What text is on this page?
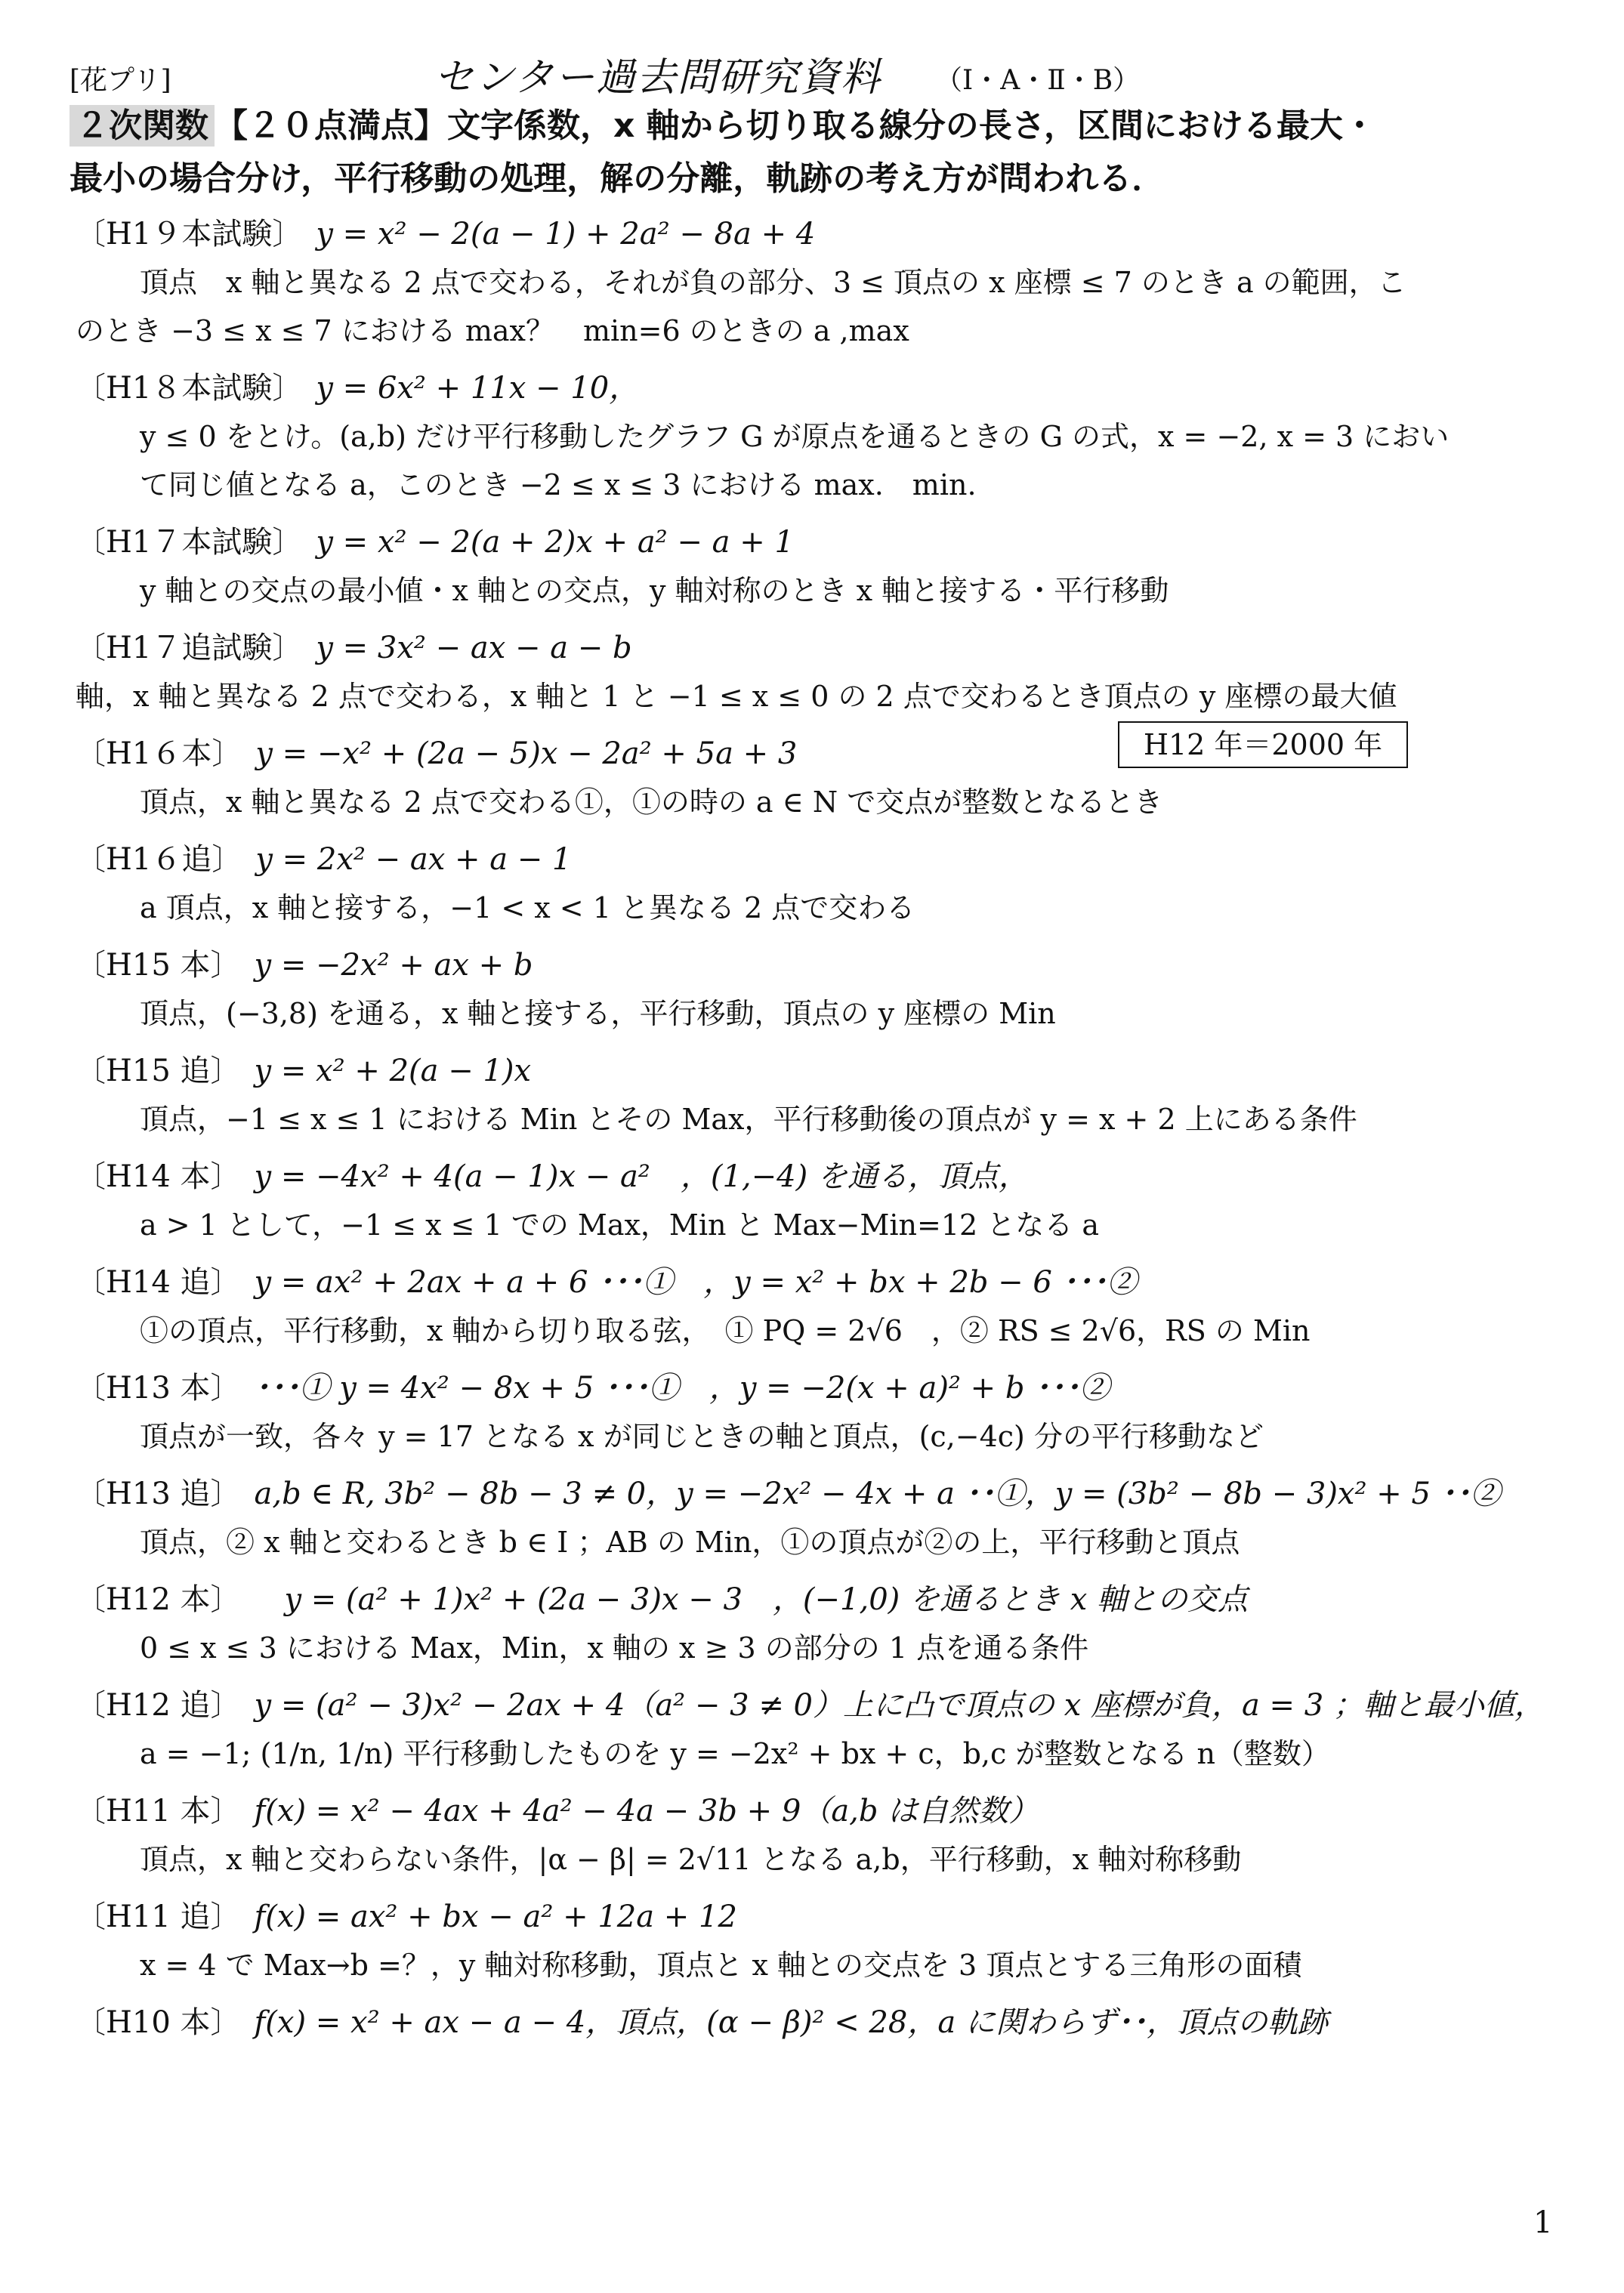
[花プリ]	センター過去問研究資料 （Ⅰ・A・Ⅱ・B）
２次関数 【２０点満点】文字係数，x 軸から切り取る線分の長さ，区間における最大・
最小の場合分け，平行移動の処理，解の分離，軌跡の考え方が問われる．
〔H1９本試験〕 y = x² − 2(a − 1) + 2a² − 8a + 4
頂点　x 軸と異なる 2 点で交わる，それが負の部分、3 ≤ 頂点の x 座標 ≤ 7 のとき a の範囲，こ
のとき −3 ≤ x ≤ 7 における max？　min=6 のときの a ,max
〔H1８本試験〕 y = 6x² + 11x − 10，
y ≤ 0 をとけ。(a,b) だけ平行移動したグラフ G が原点を通るときの G の式，x = −2, x = 3 におい
て同じ値となる a，このとき −2 ≤ x ≤ 3 における max.　min.
〔H1７本試験〕 y = x² − 2(a + 2)x + a² − a + 1
y 軸との交点の最小値・x 軸との交点，y 軸対称のとき x 軸と接する・平行移動
〔H1７追試験〕 y = 3x² − ax − a − b
軸，x 軸と異なる 2 点で交わる，x 軸と 1 と −1 ≤ x ≤ 0 の 2 点で交わるとき頂点の y 座標の最大値
〔H1６本〕 y = −x² + (2a − 5)x − 2a² + 5a + 3
頂点，x 軸と異なる 2 点で交わる①，①の時の a ∈ N で交点が整数となるとき
〔H1６追〕 y = 2x² − ax + a − 1
a 頂点，x 軸と接する，−1 < x < 1 と異なる 2 点で交わる
〔H15 本〕 y = −2x² + ax + b
頂点，(−3,8) を通る，x 軸と接する，平行移動，頂点の y 座標の Min
〔H15 追〕 y = x² + 2(a − 1)x
頂点，−1 ≤ x ≤ 1 における Min とその Max，平行移動後の頂点が y = x + 2 上にある条件
〔H14 本〕 y = −4x² + 4(a − 1)x − a²　，(1,−4) を通る，頂点，
a > 1 として，−1 ≤ x ≤ 1 での Max，Min と Max−Min=12 となる a
〔H14 追〕 y = ax² + 2ax + a + 6 ･･･①　，y = x² + bx + 2b − 6 ･･･②
①の頂点，平行移動，x 軸から切り取る弦，　① PQ = 2√6　，② RS ≤ 2√6，RS の Min
〔H13 本〕 ･･･① y = 4x² − 8x + 5 ･･･①　，y = −2(x + a)² + b ･･･②
頂点が一致，各々 y = 17 となる x が同じときの軸と頂点，(c,−4c) 分の平行移動など
〔H13 追〕 a,b ∈ R, 3b² − 8b − 3 ≠ 0，y = −2x² − 4x + a ･･①，y = (3b² − 8b − 3)x² + 5 ･･②
頂点，② x 軸と交わるとき b ∈ I ；AB の Min，①の頂点が②の上，平行移動と頂点
〔H12 本〕　y = (a² + 1)x² + (2a − 3)x − 3　，(−1,0) を通るとき x 軸との交点
0 ≤ x ≤ 3 における Max，Min，x 軸の x ≥ 3 の部分の 1 点を通る条件
〔H12 追〕 y = (a² − 3)x² − 2ax + 4（a² − 3 ≠ 0）上に凸で頂点の x 座標が負，a = 3 ；軸と最小値，
a = −1; (1/n, 1/n) 平行移動したものを y = −2x² + bx + c，b,c が整数となる n（整数）
〔H11 本〕 f(x) = x² − 4ax + 4a² − 4a − 3b + 9（a,b は自然数）
頂点，x 軸と交わらない条件，|α − β| = 2√11 となる a,b，平行移動，x 軸対称移動
〔H11 追〕 f(x) = ax² + bx − a² + 12a + 12
x = 4 で Max→b =？，y 軸対称移動，頂点と x 軸との交点を 3 頂点とする三角形の面積
〔H10 本〕 f(x) = x² + ax − a − 4，頂点，(α − β)² < 28，a に関わらず･･，頂点の軌跡
H12 年＝2000 年
1
